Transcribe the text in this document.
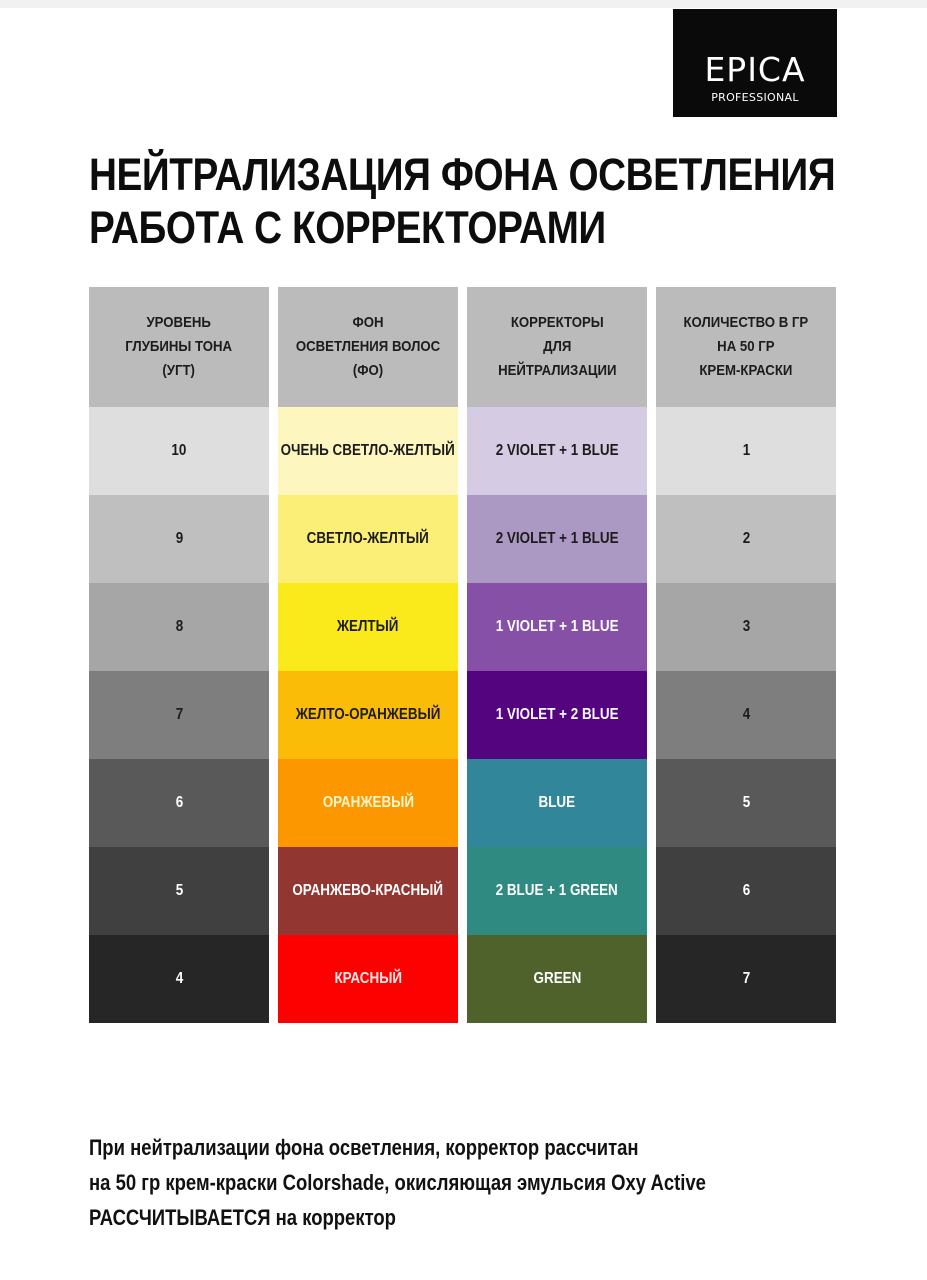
EPICA
PROFESSIONAL
НЕЙТРАЛИЗАЦИЯ ФОНА ОСВЕТЛЕНИЯ
РАБОТА С КОРРЕКТОРАМИ
УРОВЕНЬ
ГЛУБИНЫ ТОНА
(УГТ)
10
9
8
7
6
5
4
ФОН
ОСВЕТЛЕНИЯ ВОЛОС
(ФО)
ОЧЕНЬ СВЕТЛО-ЖЕЛТЫЙ
СВЕТЛО-ЖЕЛТЫЙ
ЖЕЛТЫЙ
ЖЕЛТО-ОРАНЖЕВЫЙ
ОРАНЖЕВЫЙ
ОРАНЖЕВО-КРАСНЫЙ
КРАСНЫЙ
КОРРЕКТОРЫ
ДЛЯ
НЕЙТРАЛИЗАЦИИ
2 VIOLET + 1 BLUE
2 VIOLET + 1 BLUE
1 VIOLET + 1 BLUE
1 VIOLET + 2 BLUE
BLUE
2 BLUE + 1 GREEN
GREEN
КОЛИЧЕСТВО В ГР
НА 50 ГР
КРЕМ-КРАСКИ
1
2
3
4
5
6
7
При нейтрализации фона осветления, корректор рассчитан
на 50 гр крем-краски Colorshade, окисляющая эмульсия Oxy Active
РАССЧИТЫВАЕТСЯ на корректор
